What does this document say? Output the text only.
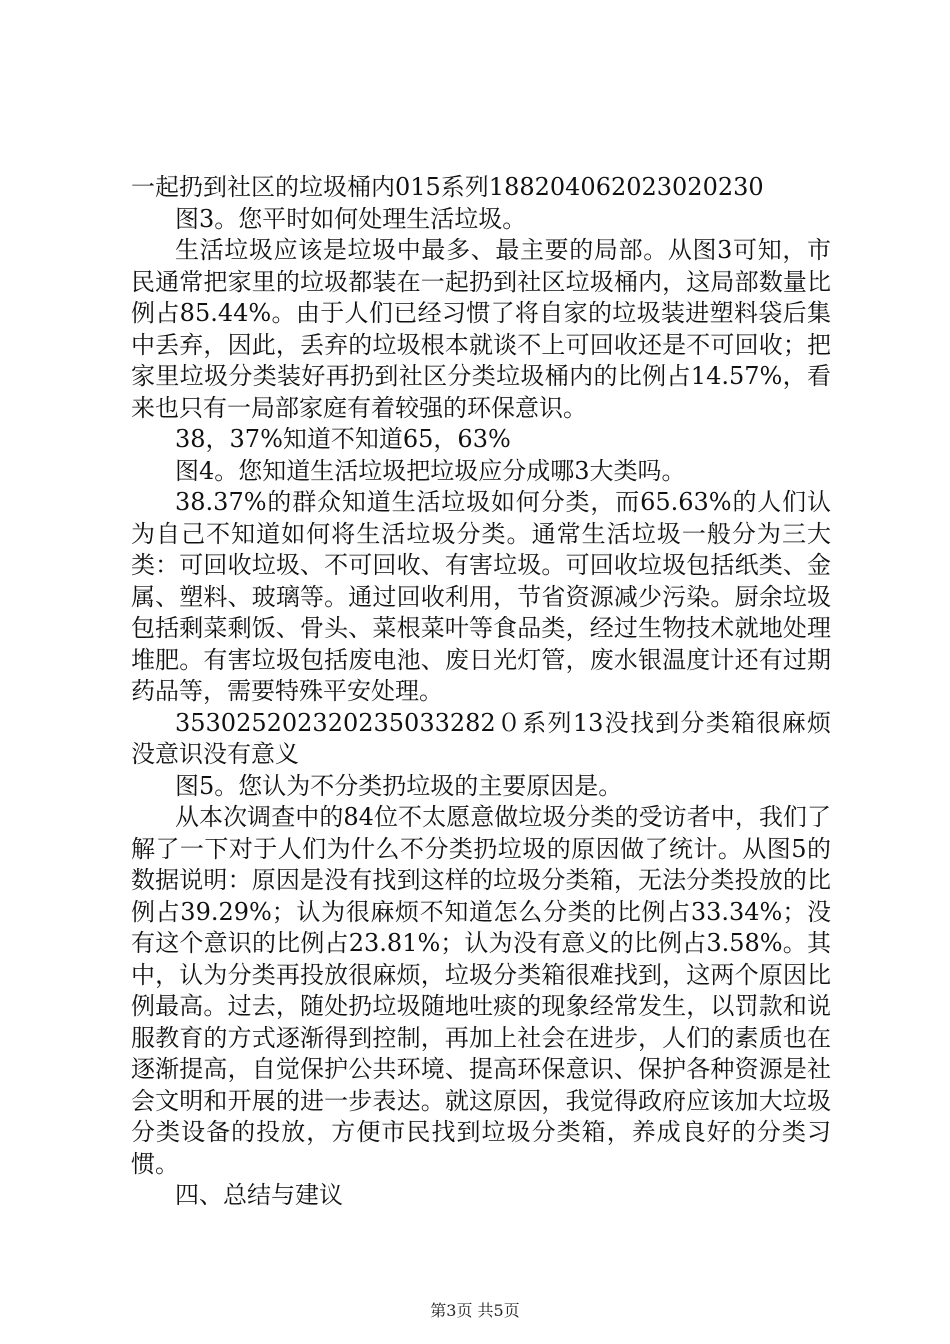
一起扔到社区的垃圾桶内015系列188204062023020230

图3。您平时如何处理生活垃圾。

生活垃圾应该是垃圾中最多、最主要的局部。从图3可知，市民通常把家里的垃圾都装在一起扔到社区垃圾桶内，这局部数量比例占85.44%。由于人们已经习惯了将自家的垃圾装进塑料袋后集中丢弃，因此，丢弃的垃圾根本就谈不上可回收还是不可回收；把家里垃圾分类装好再扔到社区分类垃圾桶内的比例占14.57%，看来也只有一局部家庭有着较强的环保意识。

38，37%知道不知道65，63%

图4。您知道生活垃圾把垃圾应分成哪3大类吗。

38.37%的群众知道生活垃圾如何分类，而65.63%的人们认为自己不知道如何将生活垃圾分类。通常生活垃圾一般分为三大类：可回收垃圾、不可回收、有害垃圾。可回收垃圾包括纸类、金属、塑料、玻璃等。通过回收利用，节省资源减少污染。厨余垃圾包括剩菜剩饭、骨头、菜根菜叶等食品类，经过生物技术就地处理堆肥。有害垃圾包括废电池、废日光灯管，废水银温度计还有过期药品等，需要特殊平安处理。

353025202320235033282０系列13没找到分类箱很麻烦没意识没有意义

图5。您认为不分类扔垃圾的主要原因是。

从本次调查中的84位不太愿意做垃圾分类的受访者中，我们了解了一下对于人们为什么不分类扔垃圾的原因做了统计。从图5的数据说明：原因是没有找到这样的垃圾分类箱，无法分类投放的比例占39.29%；认为很麻烦不知道怎么分类的比例占33.34%；没有这个意识的比例占23.81%；认为没有意义的比例占3.58%。其中，认为分类再投放很麻烦，垃圾分类箱很难找到，这两个原因比例最高。过去，随处扔垃圾随地吐痰的现象经常发生，以罚款和说服教育的方式逐渐得到控制，再加上社会在进步，人们的素质也在逐渐提高，自觉保护公共环境、提高环保意识、保护各种资源是社会文明和开展的进一步表达。就这原因，我觉得政府应该加大垃圾分类设备的投放，方便市民找到垃圾分类箱，养成良好的分类习惯。

四、总结与建议

第3页 共5页
